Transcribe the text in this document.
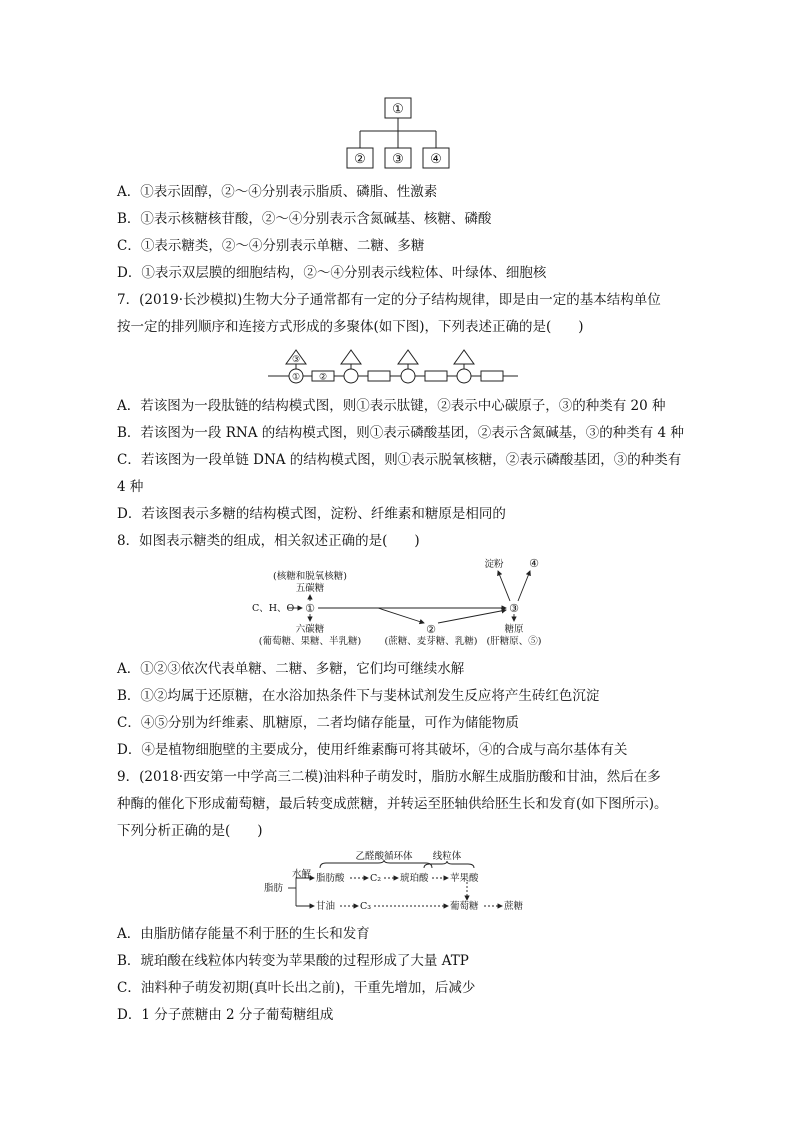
①
② ③ ④
A．①表示固醇，②～④分别表示脂质、磷脂、性激素
B．①表示核糖核苷酸，②～④分别表示含氮碱基、核糖、磷酸
C．①表示糖类，②～④分别表示单糖、二糖、多糖
D．①表示双层膜的细胞结构，②～④分别表示线粒体、叶绿体、细胞核
7．(2019·长沙模拟)生物大分子通常都有一定的分子结构规律，即是由一定的基本结构单位
按一定的排列顺序和连接方式形成的多聚体(如下图)，下列表述正确的是(　　)
③
① ②
A．若该图为一段肽链的结构模式图，则①表示肽键，②表示中心碳原子，③的种类有 20 种
B．若该图为一段 RNA 的结构模式图，则①表示磷酸基团，②表示含氮碱基，③的种类有 4 种
C．若该图为一段单链 DNA 的结构模式图，则①表示脱氧核糖，②表示磷酸基团，③的种类有
4 种
D．若该图表示多糖的结构模式图，淀粉、纤维素和糖原是相同的
8．如图表示糖类的组成，相关叙述正确的是(　　)
(核糖和脱氧核糖)
五碳糖
C、H、O ①
六碳糖
(葡萄糖、果糖、半乳糖)
②
(蔗糖、麦芽糖、乳糖)
③
淀粉 ④
糖原
(肝糖原、⑤)
A．①②③依次代表单糖、二糖、多糖，它们均可继续水解
B．①②均属于还原糖，在水浴加热条件下与斐林试剂发生反应将产生砖红色沉淀
C．④⑤分别为纤维素、肌糖原，二者均储存能量，可作为储能物质
D．④是植物细胞壁的主要成分，使用纤维素酶可将其破坏，④的合成与高尔基体有关
9．(2018·西安第一中学高三二模)油料种子萌发时，脂肪水解生成脂肪酸和甘油，然后在多
种酶的催化下形成葡萄糖，最后转变成蔗糖，并转运至胚轴供给胚生长和发育(如下图所示)。
下列分析正确的是(　　)
乙醛酸循环体 线粒体
水解
脂肪
脂肪酸	C₂ 琥珀酸 苹果酸
甘油	C₃	葡萄糖	蔗糖
A．由脂肪储存能量不利于胚的生长和发育
B．琥珀酸在线粒体内转变为苹果酸的过程形成了大量 ATP
C．油料种子萌发初期(真叶长出之前)，干重先增加，后减少
D．1 分子蔗糖由 2 分子葡萄糖组成
